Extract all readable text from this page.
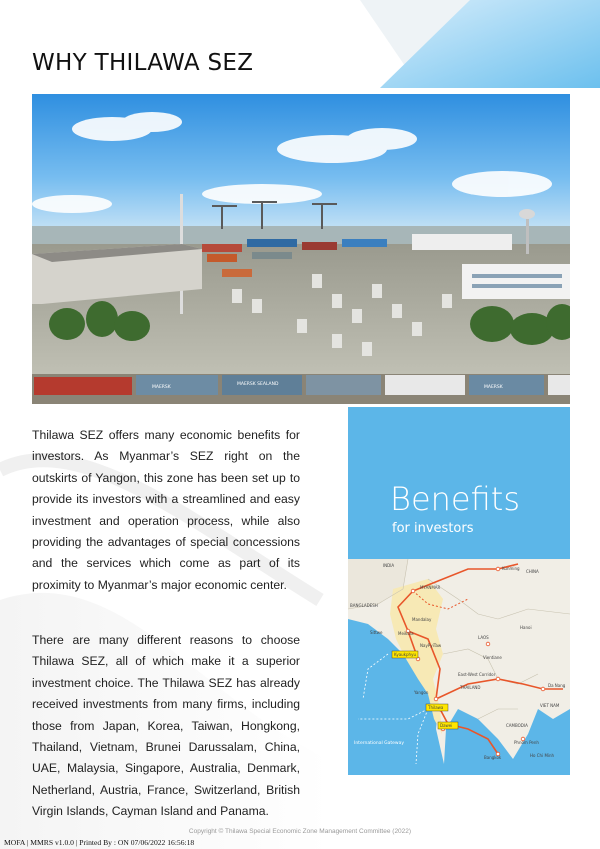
WHY THILAWA SEZ
MAERSK
MAERSK SEALAND
MAERSK

Thilawa SEZ offers many economic benefits for investors. As Myanmar’s SEZ right on the outskirts of Yangon, this zone has been set up to provide its investors with a streamlined and easy investment and operation process, while also providing the advantages of special concessions and the services which come as part of its proximity to Myanmar’s major economic center.

There are many different reasons to choose Thilawa SEZ, all of which make it a superior investment choice. The Thilawa SEZ has already received investments from many firms, including those from Japan, Korea, Taiwan, Hongkong, Thailand, Vietnam, Brunei Darussalam, China, UAE, Malaysia, Singapore, Australia, Denmark, Netherland, Austria, France, Switzerland, British Virgin Islands, Cayman Island and Panama.

Benefits
for investors
INDIA
CHINA
MYANMAR
BANGLADESH
LAOS
THAILAND
VIET NAM
CAMBODIA
Kunming
Mandalay
Meiktila
NayPyiTaw
Kyaukphyu
Sittwe
Yangon
Thilawa
Dawei
Bangkok
Hanoi
Vientiane
Da Nang
Phnom Penh
Ho Chi Minh
East-West Corridor
International Gateway
Copyright © Thilawa Special Economic Zone Management Committee (2022)
MOFA | MMRS v1.0.0 | Printed By : ON 07/06/2022 16:56:18
